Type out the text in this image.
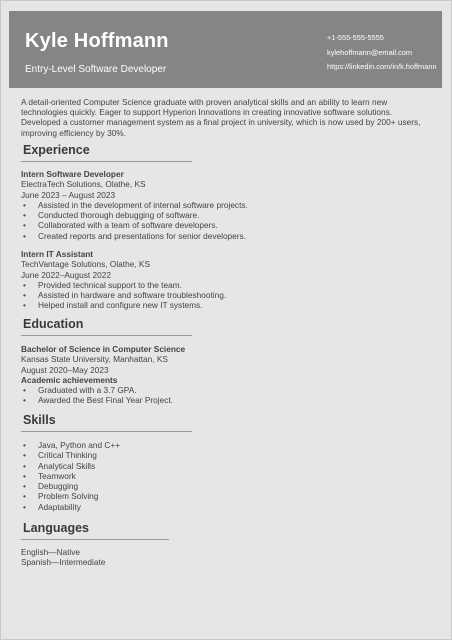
Kyle Hoffmann
Entry-Level Software Developer
+1-555-555-5555
kylehoffmann@email.com
https://linkedin.com/in/k.hoffmann
A detail-oriented Computer Science graduate with proven analytical skills and an ability to learn new technologies quickly. Eager to support Hyperion Innovations in creating innovative software solutions. Developed a customer management system as a final project in university, which is now used by 200+ users, improving efficiency by 30%.
Experience
Intern Software Developer
ElectraTech Solutions, Olathe, KS
June 2023 – August 2023
• Assisted in the development of internal software projects.
• Conducted thorough debugging of software.
• Collaborated with a team of software developers.
• Created reports and presentations for senior developers.
Intern IT Assistant
TechVantage Solutions, Olathe, KS
June 2022–August 2022
• Provided technical support to the team.
• Assisted in hardware and software troubleshooting.
• Helped install and configure new IT systems.
Education
Bachelor of Science in Computer Science
Kansas State University, Manhattan, KS
August 2020–May 2023
Academic achievements
• Graduated with a 3.7 GPA.
• Awarded the Best Final Year Project.
Skills
• Java, Python and C++
• Critical Thinking
• Analytical Skills
• Teamwork
• Debugging
• Problem Solving
• Adaptability
Languages
English—Native
Spanish—Intermediate
